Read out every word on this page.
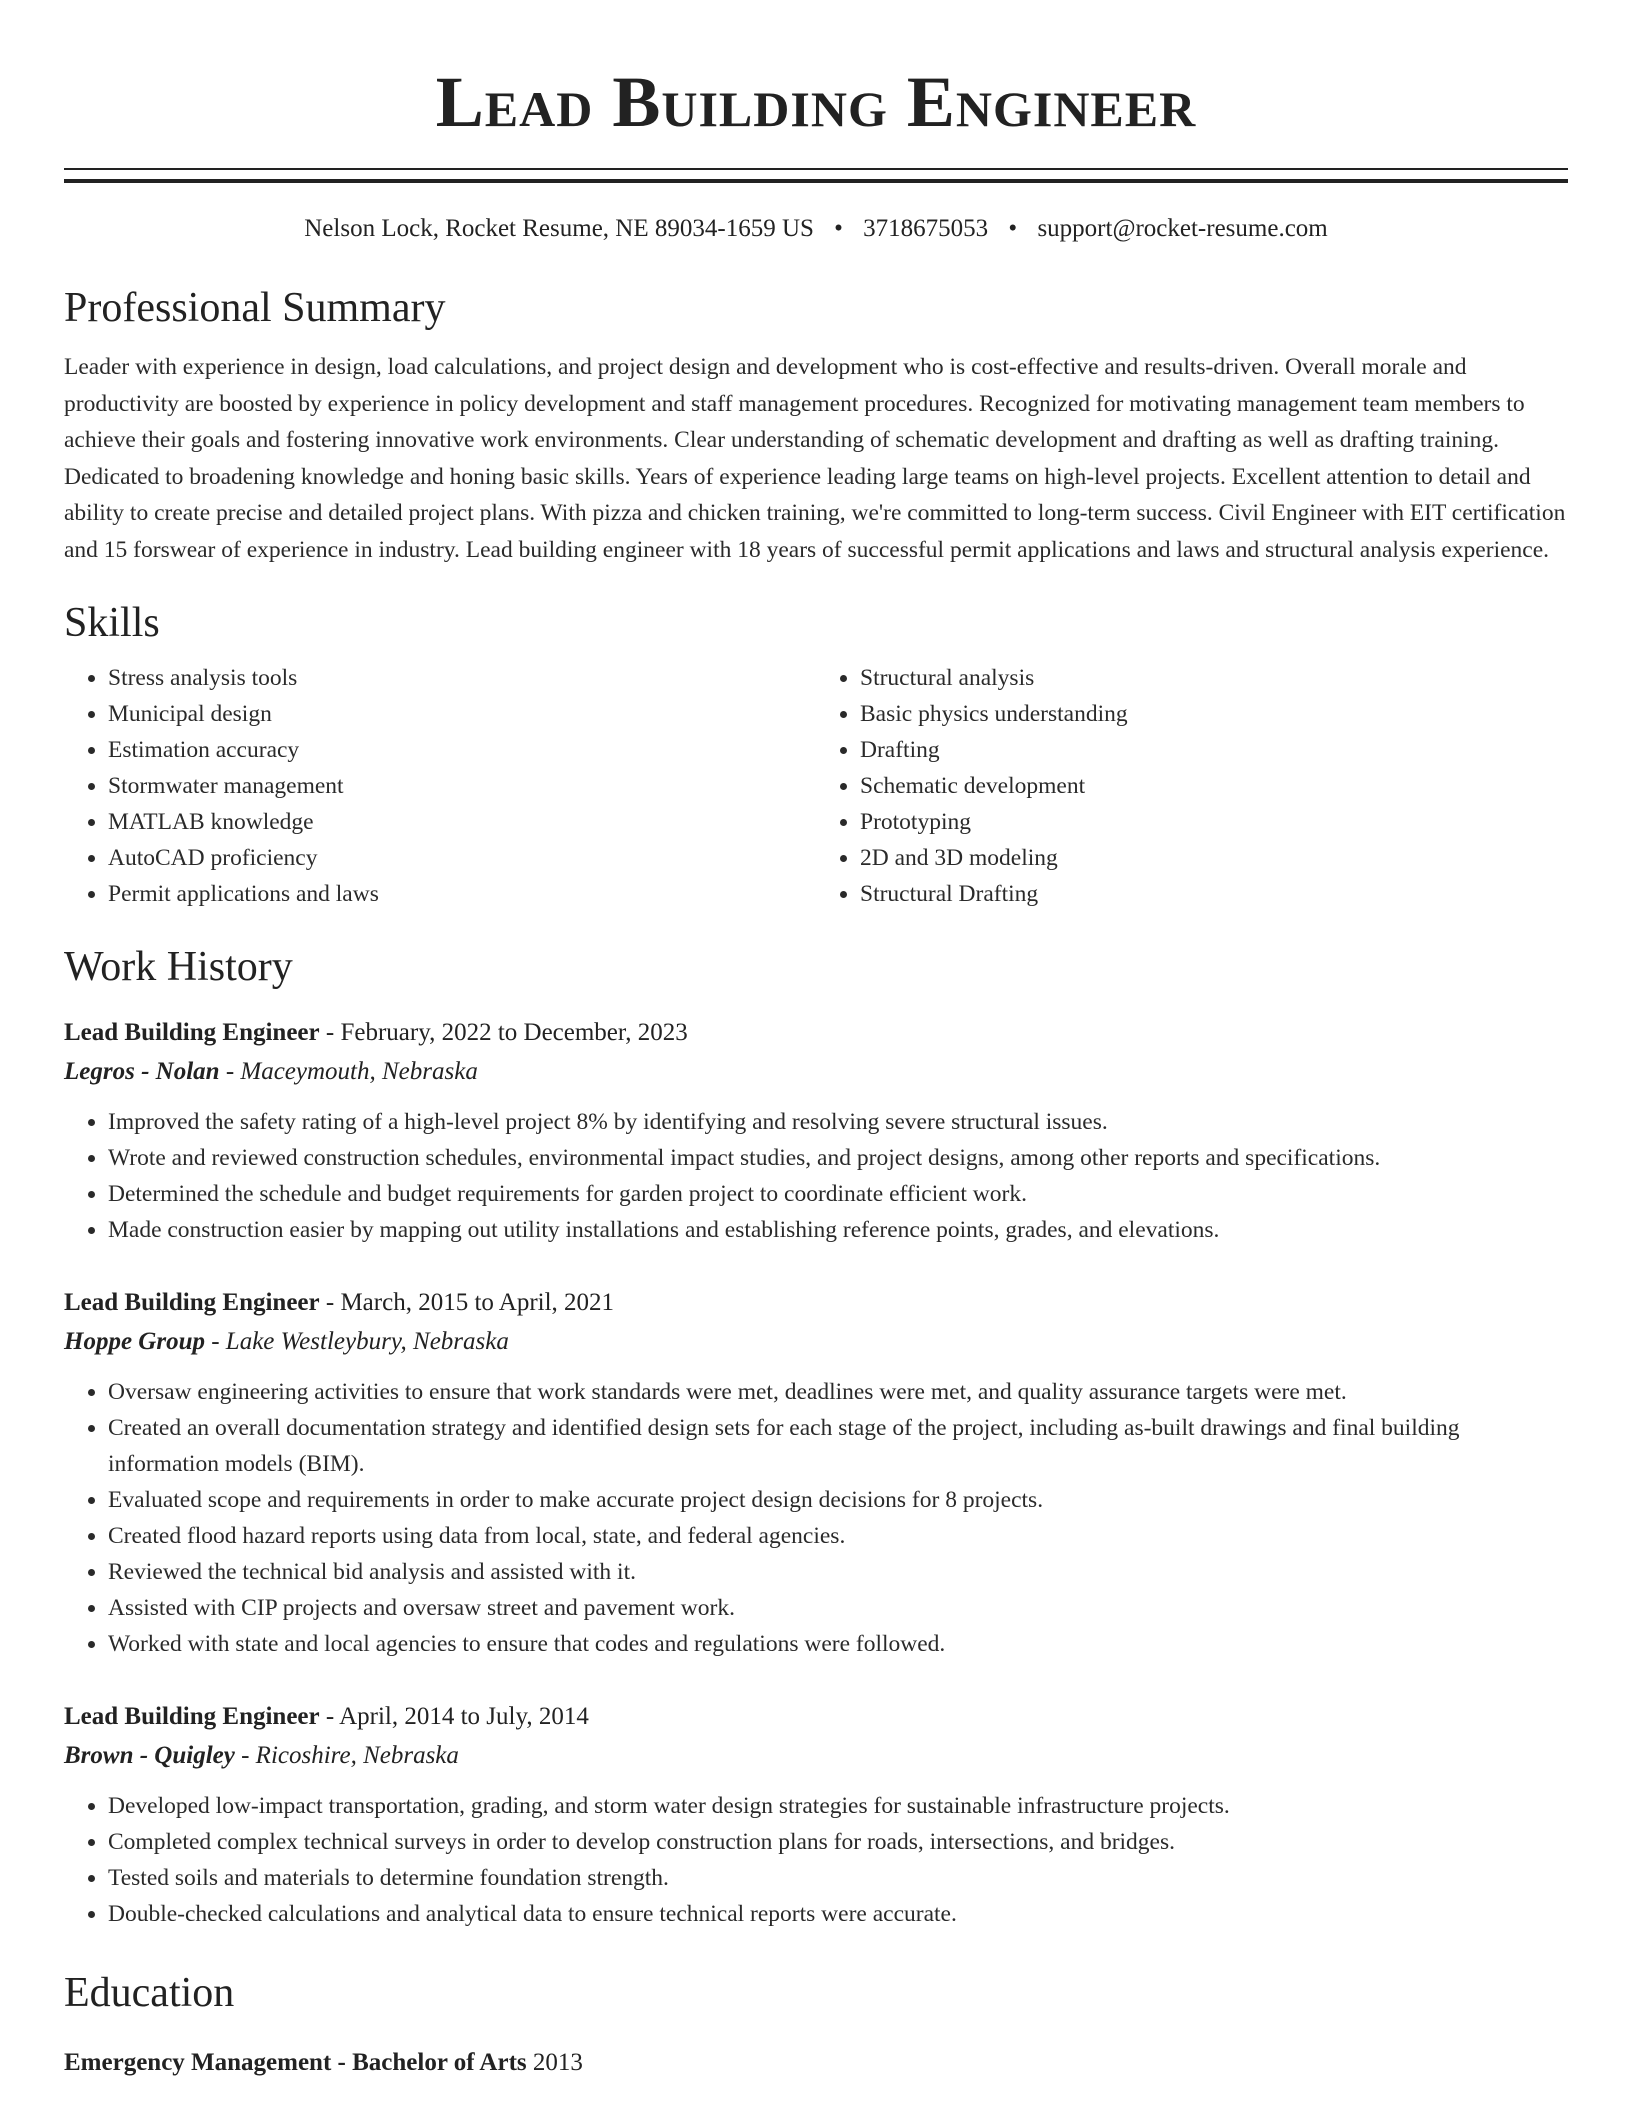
Lead Building Engineer
Nelson Lock, Rocket Resume, NE 89034-1659 US • 3718675053 • support@rocket-resume.com
Professional Summary

Leader with experience in design, load calculations, and project design and development who is cost-effective and results-driven. Overall morale and productivity are boosted by experience in policy development and staff management procedures. Recognized for motivating management team members to achieve their goals and fostering innovative work environments. Clear understanding of schematic development and drafting as well as drafting training. Dedicated to broadening knowledge and honing basic skills. Years of experience leading large teams on high-level projects. Excellent attention to detail and ability to create precise and detailed project plans. With pizza and chicken training, we're committed to long-term success. Civil Engineer with EIT certification and 15 forswear of experience in industry. Lead building engineer with 18 years of successful permit applications and laws and structural analysis experience.

Skills
• Stress analysis tools
• Municipal design
• Estimation accuracy
• Stormwater management
• MATLAB knowledge
• AutoCAD proficiency
• Permit applications and laws
• Structural analysis
• Basic physics understanding
• Drafting
• Schematic development
• Prototyping
• 2D and 3D modeling
• Structural Drafting
Work History
Lead Building Engineer - February, 2022 to December, 2023
Legros - Nolan - Maceymouth, Nebraska
• Improved the safety rating of a high-level project 8% by identifying and resolving severe structural issues.
• Wrote and reviewed construction schedules, environmental impact studies, and project designs, among other reports and specifications.
• Determined the schedule and budget requirements for garden project to coordinate efficient work.
• Made construction easier by mapping out utility installations and establishing reference points, grades, and elevations.
Lead Building Engineer - March, 2015 to April, 2021
Hoppe Group - Lake Westleybury, Nebraska
• Oversaw engineering activities to ensure that work standards were met, deadlines were met, and quality assurance targets were met.
• Created an overall documentation strategy and identified design sets for each stage of the project, including as-built drawings and final building information models (BIM).
• Evaluated scope and requirements in order to make accurate project design decisions for 8 projects.
• Created flood hazard reports using data from local, state, and federal agencies.
• Reviewed the technical bid analysis and assisted with it.
• Assisted with CIP projects and oversaw street and pavement work.
• Worked with state and local agencies to ensure that codes and regulations were followed.
Lead Building Engineer - April, 2014 to July, 2014
Brown - Quigley - Ricoshire, Nebraska
• Developed low-impact transportation, grading, and storm water design strategies for sustainable infrastructure projects.
• Completed complex technical surveys in order to develop construction plans for roads, intersections, and bridges.
• Tested soils and materials to determine foundation strength.
• Double-checked calculations and analytical data to ensure technical reports were accurate.
Education
Emergency Management - Bachelor of Arts 2013
